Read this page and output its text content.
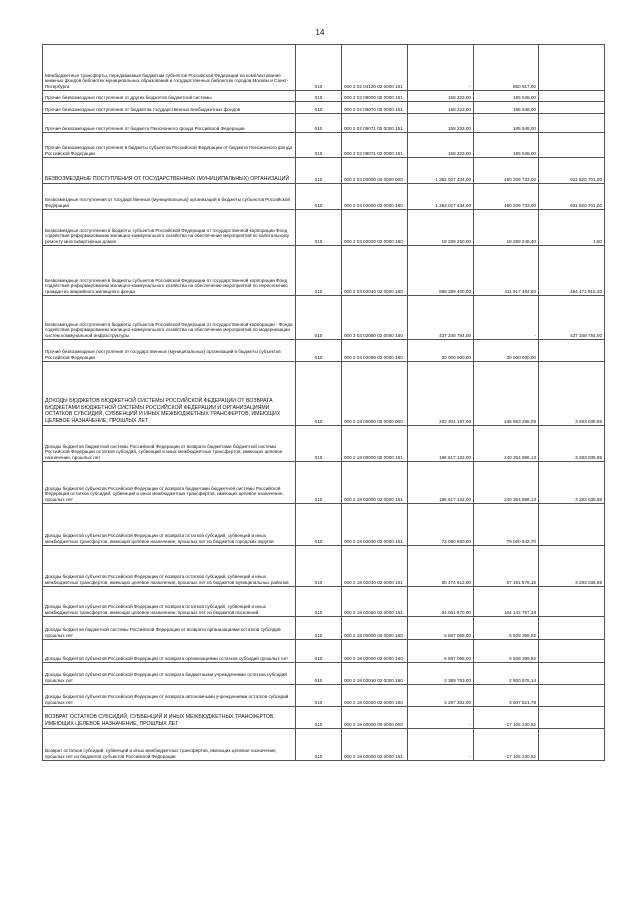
14
Межбюджетные трансферты, передаваемые бюджетам субъектов Российской Федерации на комплектование книжных фондов библиотек муниципальных образований и государственных библиотек городов Москвы и Санкт-Петербурга	010	000 2 02 04120 02 0000 151	-	850 917,00	
Прочие безвозмездные поступления от других бюджетов бюджетной системы	010	000 2 02 09000 00 0000 151	158 223,00	185 548,00	
Прочие безвозмездные поступления от бюджетов государственных внебюджетных фондов	010	000 2 02 09070 00 0000 151	158 223,00	185 548,00	
Прочие безвозмездные поступления от бюджета Пенсионного фонда Российской Федерации	010	000 2 02 09071 00 0000 151	158 223,00	185 548,00	
Прочие безвозмездные поступления в бюджеты субъектов Российской Федерации от бюджета Пенсионного фонда Российской Федерации	010	000 2 02 09071 02 0000 151	158 223,00	185 548,00	
БЕЗВОЗМЕЗДНЫЕ ПОСТУПЛЕНИЯ ОТ ГОСУДАРСТВЕННЫХ (МУНИЦИПАЛЬНЫХ) ОРГАНИЗАЦИЙ	010	000 2 03 00000 00 0000 000	1 382 027 434,00	460 205 733,00	921 820 701,00
Безвозмездные поступления от государственных (муниципальных) организаций в бюджеты субъектов Российской Федерации	010	000 2 03 02000 02 0000 180	1 382 027 434,00	460 205 733,00	921 820 701,00
Безвозмездные поступления в бюджеты субъектов Российской Федерации от государственной корпорации Фонд содействия реформированию жилищно-коммунального хозяйства на обеспечение мероприятий по капитальному ремонту многоквартирных домов	010	000 2 03 02020 02 0000 180	18 289 250,00	18 289 248,40	1,60
Безвозмездные поступления в бюджеты субъектов Российской Федерации от государственной корпорации Фонд содействия реформированию жилищно-коммунального хозяйства на обеспечение мероприятий по переселению граждан из аварийного жилищного фонда	010	000 2 03 02040 02 0000 180	896 389 400,00	411 917 484,60	484 471 915,40
Безвозмездные поступления в бюджеты субъектов Российской Федерации от государственной корпорации - Фонда содействия реформированию жилищно-коммунального хозяйства на обеспечение мероприятий по модернизации систем коммунальной инфраструктуры	010	000 2 03 02080 02 0000 180	437 348 784,00	-	437 348 784,00
Прочие безвозмездные поступления от государственных (муниципальных) организаций в бюджеты субъектов Российской Федерации	010	000 2 03 02099 02 0000 180	30 000 000,00	30 000 000,00	
ДОХОДЫ БЮДЖЕТОВ БЮДЖЕТНОЙ СИСТЕМЫ РОССИЙСКОЙ ФЕДЕРАЦИИ ОТ ВОЗВРАТА БЮДЖЕТАМИ БЮДЖЕТНОЙ СИСТЕМЫ РОССИЙСКОЙ ФЕДЕРАЦИИ И ОРГАНИЗАЦИЯМИ ОСТАТКОВ СУБСИДИЙ, СУБВЕНЦИЙ И ИНЫХ МЕЖБЮДЖЕТНЫХ ТРАНСФЕРТОВ, ИМЕЮЩИХ ЦЕЛЕВОЕ НАЗНАЧЕНИЕ, ПРОШЛЫХ ЛЕТ	010	000 2 18 00000 00 0000 000	202 304 197,00	246 863 286,05	3 283 035,85
Доходы бюджетов бюджетной системы Российской Федерации от возврата бюджетами бюджетной системы Российской Федерации остатков субсидий, субвенций и иных межбюджетных трансфертов, имеющих целевое назначение, прошлых лет	010	000 2 18 00000 00 0000 151	196 617 132,00	240 354 886,13	3 283 035,85
Доходы бюджетов субъектов Российской Федерации от возврата бюджетами бюджетной системы Российской Федерации остатков субсидий, субвенций и иных межбюджетных трансфертов, имеющих целевое назначение, прошлых лет	010	000 2 18 02000 02 0000 151	196 617 132,00	240 354 886,13	3 283 035,85
Доходы бюджетов субъектов Российской Федерации от возврата остатков субсидий, субвенций и иных межбюджетных трансфертов, имеющих целевое назначение, прошлых лет из бюджетов городских округов	010	000 2 18 02030 02 0000 151	72 080 650,00	79 020 542,70	
Доходы бюджетов субъектов Российской Федерации от возврата остатков субсидий, субвенций и иных межбюджетных трансфертов, имеющих целевое назначение, прошлых лет из бюджетов муниципальных районов	010	000 2 18 02040 02 0000 151	60 474 612,00	57 191 576,15	3 283 035,85
Доходы бюджетов субъектов Российской Федерации от возврата остатков субсидий, субвенций и иных межбюджетных трансфертов, имеющих целевое назначение, прошлых лет из бюджетов поселений	010	000 2 18 02050 02 0000 151	64 061 870,00	104 142 767,28	
Доходы бюджетов бюджетной системы Российской Федерации от возврата организациями остатков субсидий прошлых лет	010	000 2 18 00000 00 0000 180	5 687 065,00	6 508 399,92	
Доходы бюджетов субъектов Российской Федерации от возврата организациями остатков субсидий прошлых лет	010	000 2 18 02000 02 0000 180	5 687 065,00	6 508 399,92	
Доходы бюджетов субъектов Российской Федерации от возврата бюджетными учреждениями остатков субсидий прошлых лет	010	000 2 18 02010 02 0000 180	2 389 763,00	2 900 578,14	
Доходы бюджетов субъектов Российской Федерации от возврата автономными учреждениями остатков субсидий прошлых лет	010	000 2 18 02020 02 0000 180	3 297 302,00	3 607 821,78	
ВОЗВРАТ ОСТАТКОВ СУБСИДИЙ, СУБВЕНЦИЙ И ИНЫХ МЕЖБЮДЖЕТНЫХ ТРАНСФЕРТОВ, ИМЕЮЩИХ ЦЕЛЕВОЕ НАЗНАЧЕНИЕ, ПРОШЛЫХ ЛЕТ	010	000 2 19 00000 00 0000 000	-	-17 105 230,52	
Возврат остатков субсидий, субвенций и иных межбюджетных трансфертов, имеющих целевое назначение, прошлых лет из бюджетов субъектов Российской Федерации	010	000 2 19 02000 02 0000 151	-	-17 105 230,52	
